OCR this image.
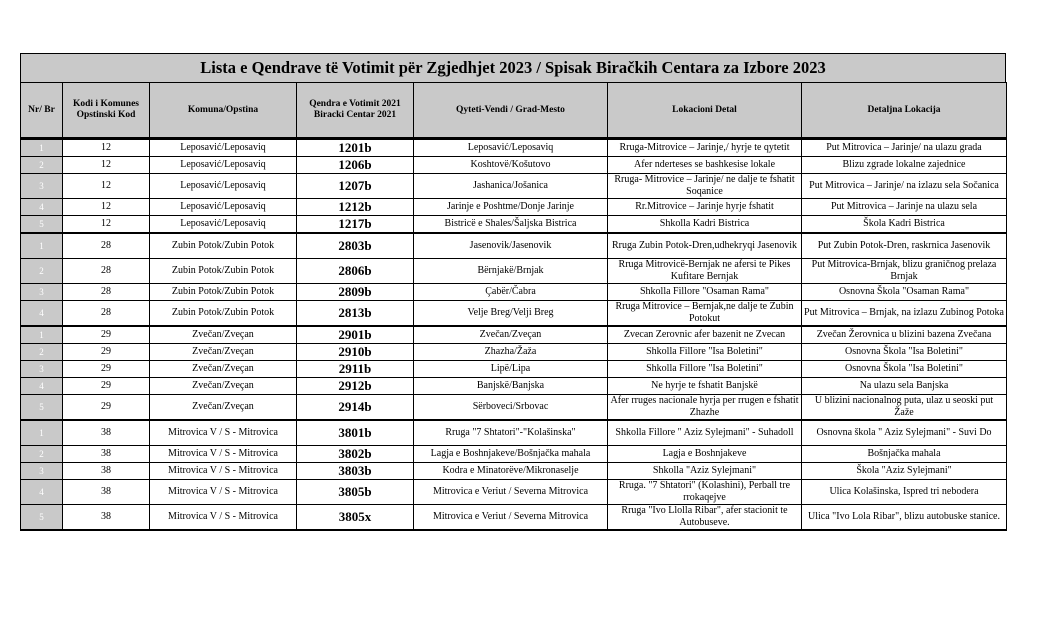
Lista e Qendrave të Votimit për Zgjedhjet 2023 / Spisak Biračkih Centara za Izbore 2023
Nr/ Br	Kodi i Komunes Opstinski Kod	Komuna/Opstina	Qendra e Votimit 2021 Biracki Centar 2021	Qyteti-Vendi / Grad-Mesto	Lokacioni Detal	Detaljna Lokacija
1	12	Leposavić/Leposaviq	1201b	Leposavić/Leposaviq	Rruga-Mitrovice – Jarinje,/ hyrje te qytetit	Put Mitrovica – Jarinje/ na ulazu grada
2	12	Leposavić/Leposaviq	1206b	Koshtovë/Košutovo	Afer nderteses se bashkesise lokale	Blizu zgrade lokalne zajednice
3	12	Leposavić/Leposaviq	1207b	Jashanica/Jošanica	Rruga- Mitrovice – Jarinje/ ne dalje te fshatit Soqanice	Put Mitrovica – Jarinje/ na izlazu sela Sočanica
4	12	Leposavić/Leposaviq	1212b	Jarinje e Poshtme/Donje Jarinje	Rr.Mitrovice – Jarinje hyrje fshatit	Put Mitrovica – Jarinje na ulazu sela
5	12	Leposavić/Leposaviq	1217b	Bistricë e Shales/Šaljska Bistrica	Shkolla Kadri Bistrica	Škola Kadri Bistrica
1	28	Zubin Potok/Zubin Potok	2803b	Jasenovik/Jasenovik	Rruga Zubin Potok-Dren,udhekryqi Jasenovik	Put Zubin Potok-Dren, raskrnica Jasenovik
2	28	Zubin Potok/Zubin Potok	2806b	Bërnjakë/Brnjak	Rruga Mitrovicë-Bernjak ne afersi te Pikes Kufitare Bernjak	Put Mitrovica-Brnjak, blizu graničnog prelaza Brnjak
3	28	Zubin Potok/Zubin Potok	2809b	Çabër/Čabra	Shkolla Fillore "Osaman Rama"	Osnovna Škola "Osaman Rama"
4	28	Zubin Potok/Zubin Potok	2813b	Velje Breg/Velji Breg	Rruga Mitrovice – Bernjak,ne dalje te Zubin Potokut	Put Mitrovica – Brnjak, na izlazu Zubinog Potoka
1	29	Zvečan/Zveçan	2901b	Zvečan/Zveçan	Zvecan Zerovnic afer bazenit ne Zvecan	Zvečan Žerovnica u blizini bazena Zvečana
2	29	Zvečan/Zveçan	2910b	Zhazha/Žaža	Shkolla Fillore "Isa Boletini"	Osnovna Škola "Isa Boletini"
3	29	Zvečan/Zveçan	2911b	Lipë/Lipa	Shkolla Fillore "Isa Boletini"	Osnovna Škola "Isa Boletini"
4	29	Zvečan/Zveçan	2912b	Banjskë/Banjska	Ne hyrje te fshatit Banjskë	Na ulazu sela Banjska
5	29	Zvečan/Zveçan	2914b	Sërboveci/Srbovac	Afer rruges nacionale hyrja per rrugen e fshatit Zhazhe	U blizini nacionalnog puta, ulaz u seoski put Žaže
1	38	Mitrovica V / S - Mitrovica	3801b	Rruga "7 Shtatori"-"Kolašinska"	Shkolla Fillore " Aziz Sylejmani" - Suhadoll	Osnovna škola " Aziz Sylejmani" - Suvi Do
2	38	Mitrovica V / S - Mitrovica	3802b	Lagja e Boshnjakeve/Bošnjačka mahala	Lagja e Boshnjakeve	Bošnjačka mahala
3	38	Mitrovica V / S - Mitrovica	3803b	Kodra e Minatorëve/Mikronaselje	Shkolla "Aziz Sylejmani"	Škola "Aziz Sylejmani"
4	38	Mitrovica V / S - Mitrovica	3805b	Mitrovica e Veriut / Severna Mitrovica	Rruga. "7 Shtatori" (Kolashini), Perball tre rrokaqejve	Ulica Kolašinska, Ispred tri nebodera
5	38	Mitrovica V / S - Mitrovica	3805x	Mitrovica e Veriut / Severna Mitrovica	Rruga "Ivo Llolla Ribar", afer stacionit te Autobuseve.	Ulica "Ivo Lola Ribar", blizu autobuske stanice.
